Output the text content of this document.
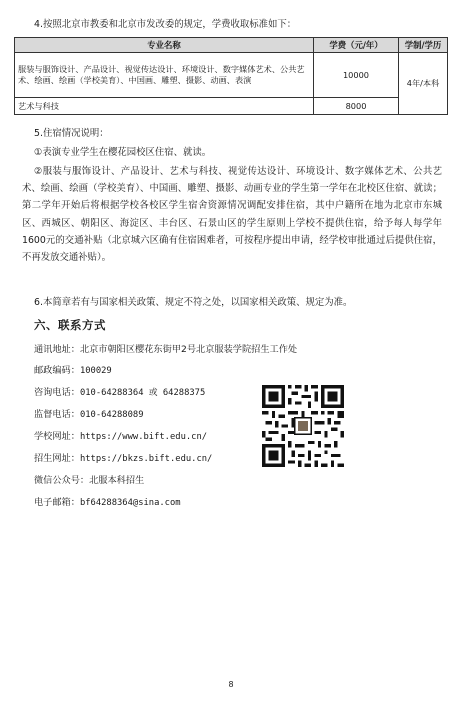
4.按照北京市教委和北京市发改委的规定，学费收取标准如下：
专业名称	学费（元/年）	学制/学历
服装与服饰设计、产品设计、视觉传达设计、环境设计、数字媒体艺术、公共艺术、绘画、绘画（学校美育）、中国画、雕塑、摄影、动画、表演	10000	4年/本科
艺术与科技	8000	
5.住宿情况说明：
①表演专业学生在樱花园校区住宿、就读。
②服装与服饰设计、产品设计、艺术与科技、视觉传达设计、环境设计、数字媒体艺术、公共艺术、绘画、绘画（学校美育）、中国画、雕塑、摄影、动画专业的学生第一学年在北校区住宿、就读；第二学年开始后将根据学校各校区学生宿舍资源情况调配安排住宿，其中户籍所在地为北京市东城区、西城区、朝阳区、海淀区、丰台区、石景山区的学生原则上学校不提供住宿，给予每人每学年1600元的交通补贴（北京城六区确有住宿困难者，可按程序提出申请，经学校审批通过后提供住宿，不再发放交通补贴）。
6.本简章若有与国家相关政策、规定不符之处，以国家相关政策、规定为准。
六、联系方式
通讯地址：北京市朝阳区樱花东街甲2号北京服装学院招生工作处
邮政编码：100029
咨询电话：010-64288364 或 64288375
监督电话：010-64288089
学校网址：https://www.bift.edu.cn/
招生网址：https://bkzs.bift.edu.cn/
微信公众号：北服本科招生
电子邮箱：bf64288364@sina.com
8
